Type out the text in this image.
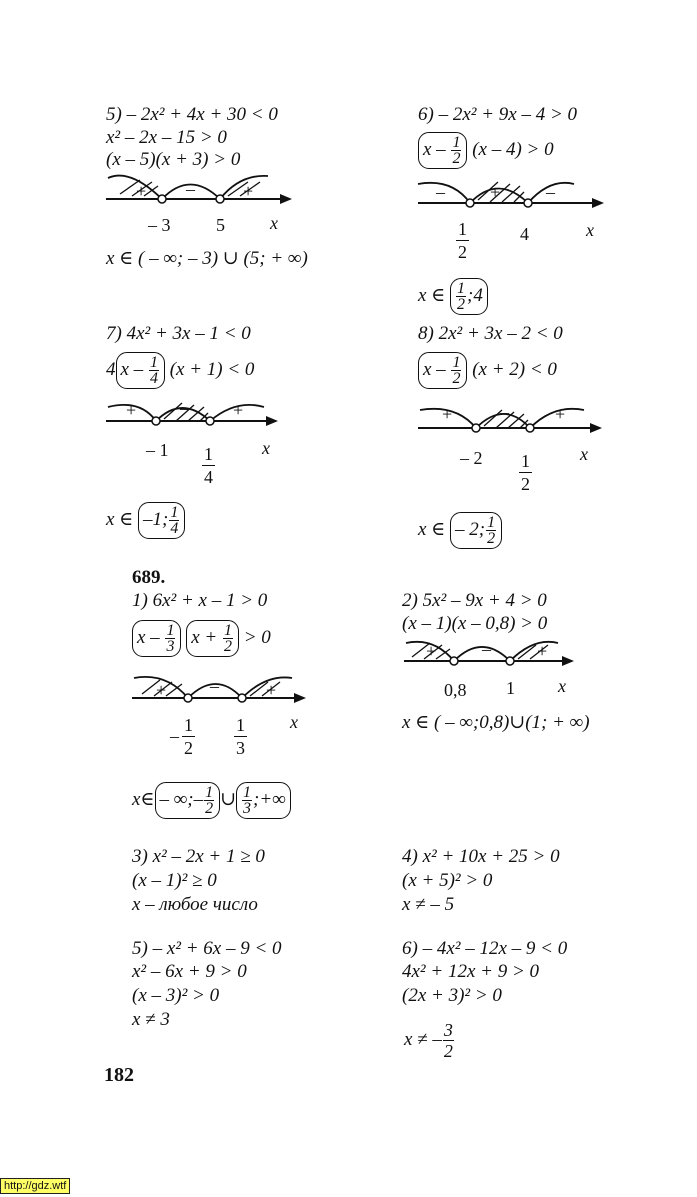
5) – 2x² + 4x + 30 < 0
x² – 2x – 15 > 0
(x – 5)(x + 3) > 0
+ –	+
– 3	5	x
x ∈ ( – ∞; – 3) ∪ (5; + ∞)
6) – 2x² + 9x – 4 > 0
$x - \frac{1}{2} (x - 4) > 0$
–	+	–
1
2
4	x
x ∈ $\frac{1}{2}$ ;4
7) 4x² + 3x – 1 < 0
4 $x - \frac{1}{4} (x + 1) < 0$
+ – +
– 1 1
4
x
x ∈ –1; $\frac{1}{4}$
8) 2x² + 3x – 2 < 0
$x - \frac{1}{2} (x + 2) < 0$
+	–	+
– 2 1
2
x
x ∈ – 2; $\frac{1}{2}$
689.
1) 6x² + x – 1 > 0
x – $\frac{1}{3}$ $x + \frac{1}{2} > 0$
+ –	+
–
1
2
1
3
x
x∈ – ∞;– $\frac{1}{2}$ ∪ $\frac{1}{3}$ ;+∞
2) 5x² – 9x + 4 > 0
(x – 1)(x – 0,8) > 0
+	–	+
0,8 1 x
x ∈ ( – ∞;0,8)∪(1; + ∞)
3) x² – 2x + 1 ≥ 0
(x – 1)² ≥ 0
x – любое число
4) x² + 10x + 25 > 0
(x + 5)² > 0
x ≠ – 5
5) – x² + 6x – 9 < 0
x² – 6x + 9 > 0
(x – 3)² > 0
x ≠ 3
6) – 4x² – 12x – 9 < 0
4x² + 12x + 9 > 0
(2x + 3)² > 0
x ≠ – $\frac{3}{2}$
182
http://gdz.wtf
